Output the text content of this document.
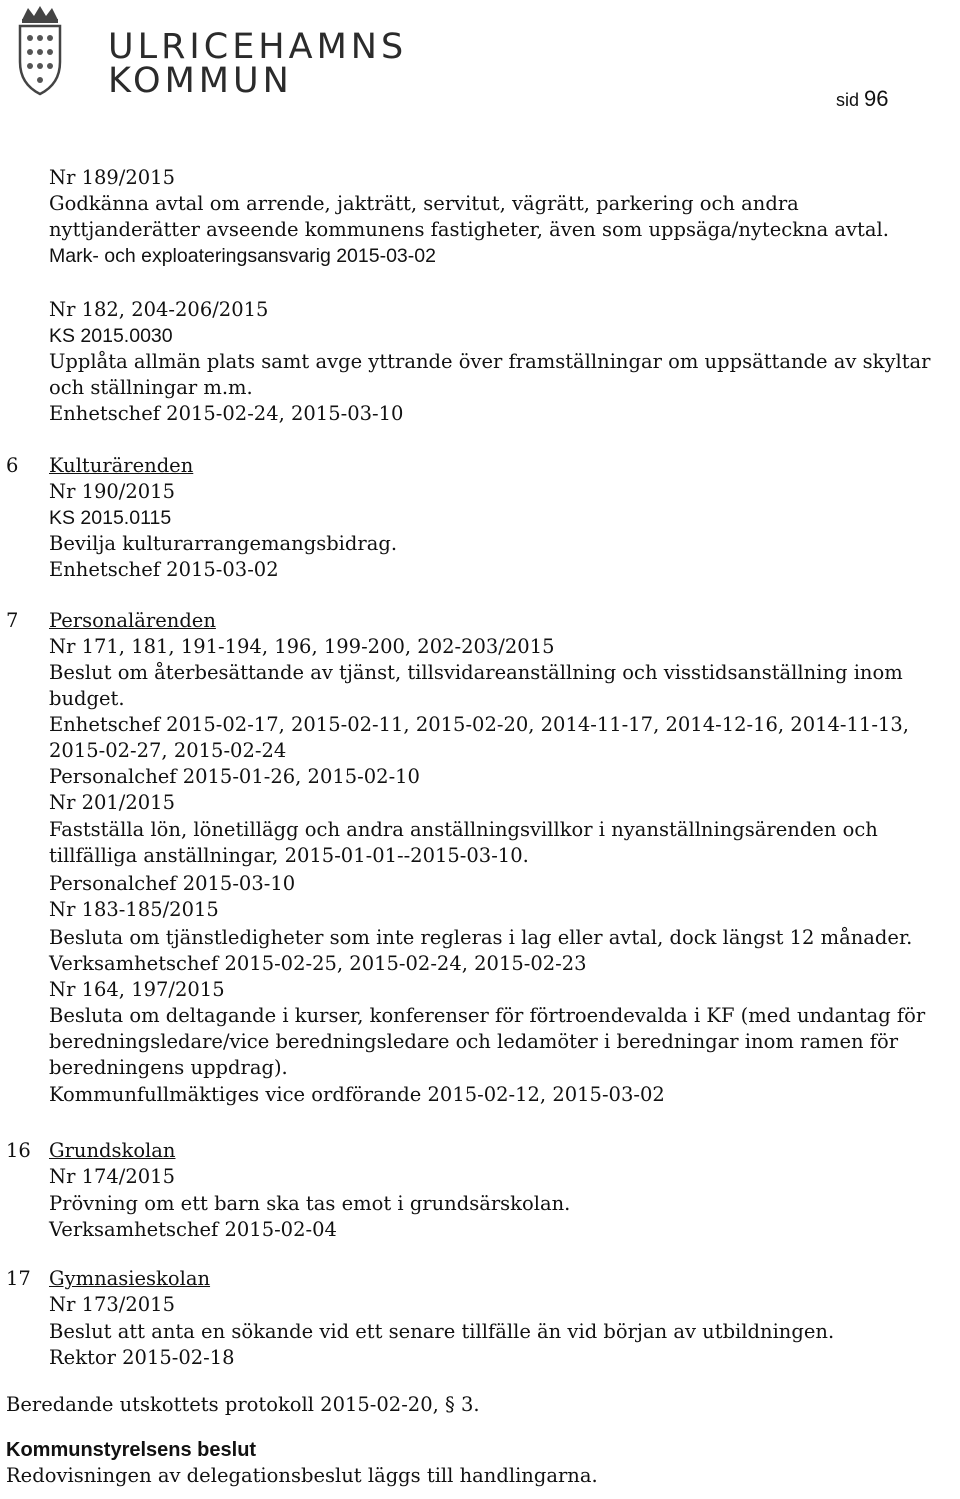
ULRICEHAMNS
KOMMUN	sid 96
Nr 189/2015
Godkänna avtal om arrende, jakträtt, servitut, vägrätt, parkering och andra
nyttjanderätter avseende kommunens fastigheter, även som uppsäga/nyteckna avtal.
Mark- och exploateringsansvarig 2015-03-02
Nr 182, 204-206/2015
KS 2015.0030
Upplåta allmän plats samt avge yttrande över framställningar om uppsättande av skyltar
och ställningar m.m.
Enhetschef 2015-02-24, 2015-03-10
6 Kulturärenden
Nr 190/2015
KS 2015.0115
Bevilja kulturarrangemangsbidrag.
Enhetschef 2015-03-02
7 Personalärenden
Nr 171, 181, 191-194, 196, 199-200, 202-203/2015
Beslut om återbesättande av tjänst, tillsvidareanställning och visstidsanställning inom
budget.
Enhetschef 2015-02-17, 2015-02-11, 2015-02-20, 2014-11-17, 2014-12-16, 2014-11-13,
2015-02-27, 2015-02-24
Personalchef 2015-01-26, 2015-02-10
Nr 201/2015
Fastställa lön, lönetillägg och andra anställningsvillkor i nyanställningsärenden och
tillfälliga anställningar, 2015-01-01--2015-03-10.
Personalchef 2015-03-10
Nr 183-185/2015
Besluta om tjänstledigheter som inte regleras i lag eller avtal, dock längst 12 månader.
Verksamhetschef 2015-02-25, 2015-02-24, 2015-02-23
Nr 164, 197/2015
Besluta om deltagande i kurser, konferenser för förtroendevalda i KF (med undantag för
beredningsledare/vice beredningsledare och ledamöter i beredningar inom ramen för
beredningens uppdrag).
Kommunfullmäktiges vice ordförande 2015-02-12, 2015-03-02
16 Grundskolan
Nr 174/2015
Prövning om ett barn ska tas emot i grundsärskolan.
Verksamhetschef 2015-02-04
17 Gymnasieskolan
Nr 173/2015
Beslut att anta en sökande vid ett senare tillfälle än vid början av utbildningen.
Rektor 2015-02-18
Beredande utskottets protokoll 2015-02-20, § 3.
Kommunstyrelsens beslut
Redovisningen av delegationsbeslut läggs till handlingarna.
